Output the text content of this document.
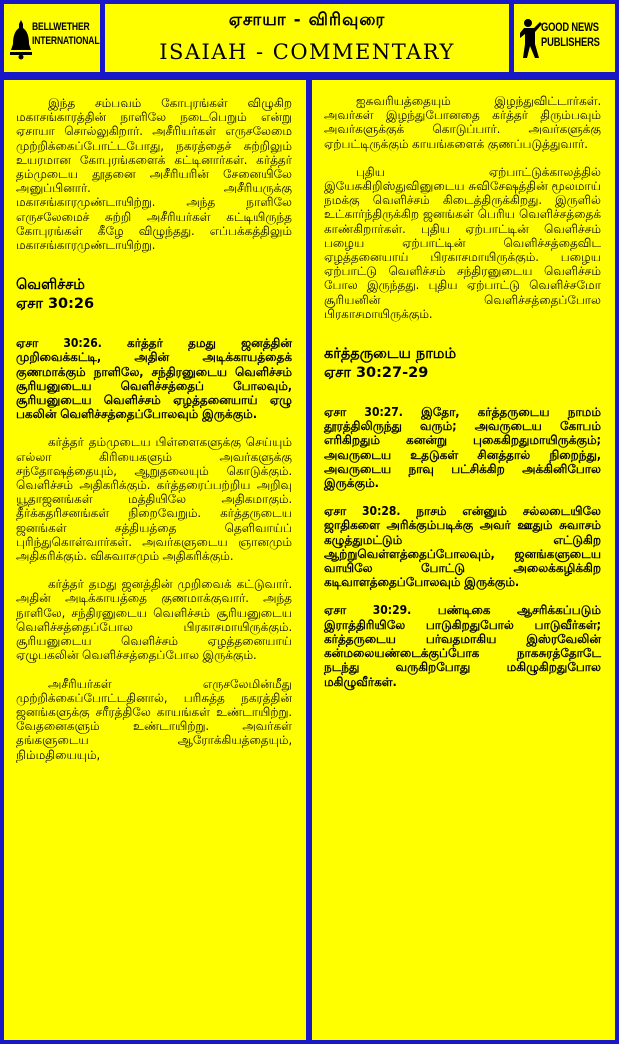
BELLWETHER
INTERNATIONAL
ஏசாயா - விரிவுரை
ISAIAH - COMMENTARY
GOOD NEWS
PUBLISHERS

இந்த சம்பவம் கோபுரங்கள் விழுகிற மகாசங்காரத்தின் நாளிலே நடைபெறும் என்று ஏசாயா சொல்லுகிறார். அசீரியர்கள் எருசலேமை முற்றிக்கைப்போட்டபோது, நகரத்தைச் சுற்றிலும் உயரமான கோபுரங்களைக் கட்டினார்கள். கர்த்தர் தம்முடைய தூதனை அசீரியரின் சேனையிலே அனுப்பினார். அசீரியருக்கு மகாசங்காரமுண்டாயிற்று. அந்த நாளிலே எருசலேமைச் சுற்றி அசீரியர்கள் கட்டியிருந்த கோபுரங்கள் கீழே விழுந்தது. எப்பக்கத்திலும் மகாசங்காரமுண்டாயிற்று.

வெளிச்சம்
ஏசா 30:26

ஏசா 30:26. கர்த்தர் தமது ஜனத்தின் முறிவைக்கட்டி, அதின் அடிக்காயத்தைக் குணமாக்கும் நாளிலே, சந்திரனுடைய வெளிச்சம் சூரியனுடைய வெளிச்சத்தைப் போலவும், சூரியனுடைய வெளிச்சம் ஏழத்தனையாய் ஏழு பகலின் வெளிச்சத்தைப்போலவும் இருக்கும்.

கர்த்தர் தம்முடைய பிள்ளைகளுக்கு செய்யும் எல்லா கிரியைகளும் அவர்களுக்கு சந்தோஷத்தையும், ஆறுதலையும் கொடுக்கும். வெளிச்சம் அதிகரிக்கும். கர்த்தரைப்பற்றிய அறிவு யூதாஜனங்கள் மத்தியிலே அதிகமாகும். தீர்க்கதரிசனங்கள் நிறைவேறும். கர்த்தருடைய ஜனங்கள் சத்தியத்தை தெளிவாய்ப் புரிந்துகொள்வார்கள். அவர்களுடைய ஞானமும் அதிகரிக்கும். விசுவாசமும் அதிகரிக்கும்.

கர்த்தர் தமது ஜனத்தின் முறிவைக் கட்டுவார். அதின் அடிக்காயத்தை குணமாக்குவார். அந்த நாளிலே, சந்திரனுடைய வெளிச்சம் சூரியனுடைய வெளிச்சத்தைப்போல பிரகாசமாயிருக்கும். சூரியனுடைய வெளிச்சம் ஏழத்தனையாய் ஏழுபகலின் வெளிச்சத்தைப்போல இருக்கும்.

அசீரியர்கள் எருசலேமின்மீது முற்றிக்கைப்போட்டதினால், பரிசுத்த நகரத்தின் ஜனங்களுக்கு சரீரத்திலே காயங்கள் உண்டாயிற்று. வேதனைகளும் உண்டாயிற்று. அவர்கள் தங்களுடைய ஆரோக்கியத்தையும், நிம்மதியையும்,

ஐசுவரியத்தையும் இழந்துவிட்டார்கள். அவர்கள் இழந்துபோனதை கர்த்தர் திரும்பவும் அவர்களுக்குக் கொடுப்பார். அவர்களுக்கு ஏற்பட்டிருக்கும் காயங்களைக் குணப்படுத்துவார்.

புதிய ஏற்பாட்டுக்காலத்தில் இயேசுகிறிஸ்துவினுடைய சுவிசேஷத்தின் மூலமாய் நமக்கு வெளிச்சம் கிடைத்திருக்கிறது. இருளில் உட்கார்ந்திருக்கிற ஜனங்கள் பெரிய வெளிச்சத்தைக் காண்கிறார்கள். புதிய ஏற்பாட்டின் வெளிச்சம் பழைய ஏற்பாட்டின் வெளிச்சத்தைவிட ஏழத்தனையாய் பிரகாசமாயிருக்கும். பழைய ஏற்பாட்டு வெளிச்சம் சந்திரனுடைய வெளிச்சம் போல இருந்தது. புதிய ஏற்பாட்டு வெளிச்சமோ சூரியனின் வெளிச்சத்தைப்போல பிரகாசமாயிருக்கும்.

கர்த்தருடைய நாமம்
ஏசா 30:27-29

ஏசா 30:27. இதோ, கர்த்தருடைய நாமம் தூரத்திலிருந்து வரும்; அவருடைய கோபம் எரிகிறதும் கனன்று புகைகிறதுமாயிருக்கும்; அவருடைய உதடுகள் சினத்தால் நிறைந்து, அவருடைய நாவு பட்சிக்கிற அக்கினிபோல இருக்கும்.

ஏசா 30:28. நாசம் என்னும் சல்லடையிலே ஜாதிகளை அரிக்கும்படிக்கு அவர் ஊதும் சுவாசம் கழுத்துமட்டும் எட்டுகிற ஆற்றுவெள்ளத்தைப்போலவும், ஜனங்களுடைய வாயிலே போட்டு அலைக்கழிக்கிற கடிவாளத்தைப்போலவும் இருக்கும்.

ஏசா 30:29. பண்டிகை ஆசரிக்கப்படும் இராத்திரியிலே பாடுகிறதுபோல் பாடுவீர்கள்; கர்த்தருடைய பர்வதமாகிய இஸ்ரவேலின் கன்மலையண்டைக்குப்போக நாகசுரத்தோடே நடந்து வருகிறபோது மகிழுகிறதுபோல மகிழுவீர்கள்.
